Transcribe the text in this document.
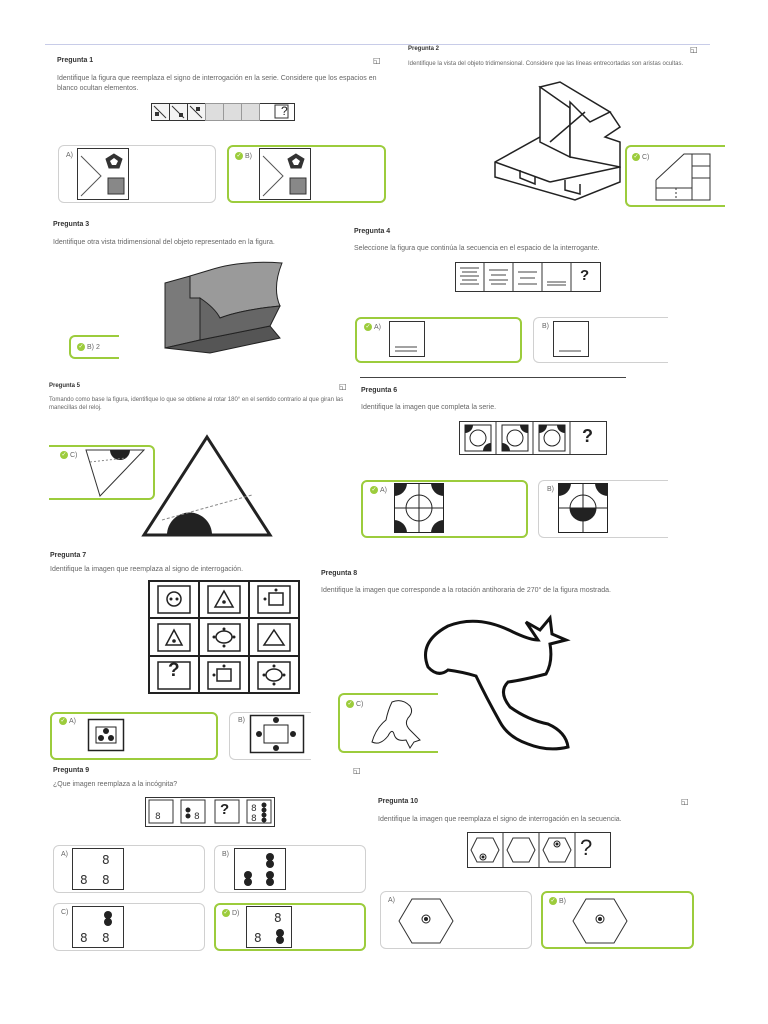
Pregunta 1	◱
Identifique la figura que reemplaza el signo de interrogación en la serie. Considere que los espacios en blanco ocultan elementos.
?
A)	✓ B)
Pregunta 2	◱
Identifique la vista del objeto tridimensional. Considere que las líneas entrecortadas son aristas ocultas.
✓ C)
Pregunta 3
Identifique otra vista tridimensional del objeto representado en la figura.
✓ B) 2
Pregunta 4
Seleccione la figura que continúa la secuencia en el espacio de la interrogante.
?
✓ A)	B)
Pregunta 5	◱
Tomando como base la figura, identifique lo que se obtiene al rotar 180° en el sentido contrario al que giran las manecillas del reloj.
✓ C)
Pregunta 6
Identifique la imagen que completa la serie.
?
✓ A)	B)
Pregunta 7
Identifique la imagen que reemplaza al signo de interrogación.
?
✓ A)	B)
Pregunta 8
Identifique la imagen que corresponde a la rotación antihoraria de 270° de la figura mostrada.
✓ C)
Pregunta 9	◱
¿Que imagen reemplaza a la incógnita?
8	8
8
8
?
A)	8
8
8
B)
C)
8
8
✓ D)	8
8
Pregunta 10	◱
Identifique la imagen que reemplaza el signo de interrogación en la secuencia.
?
A)	✓ B)
